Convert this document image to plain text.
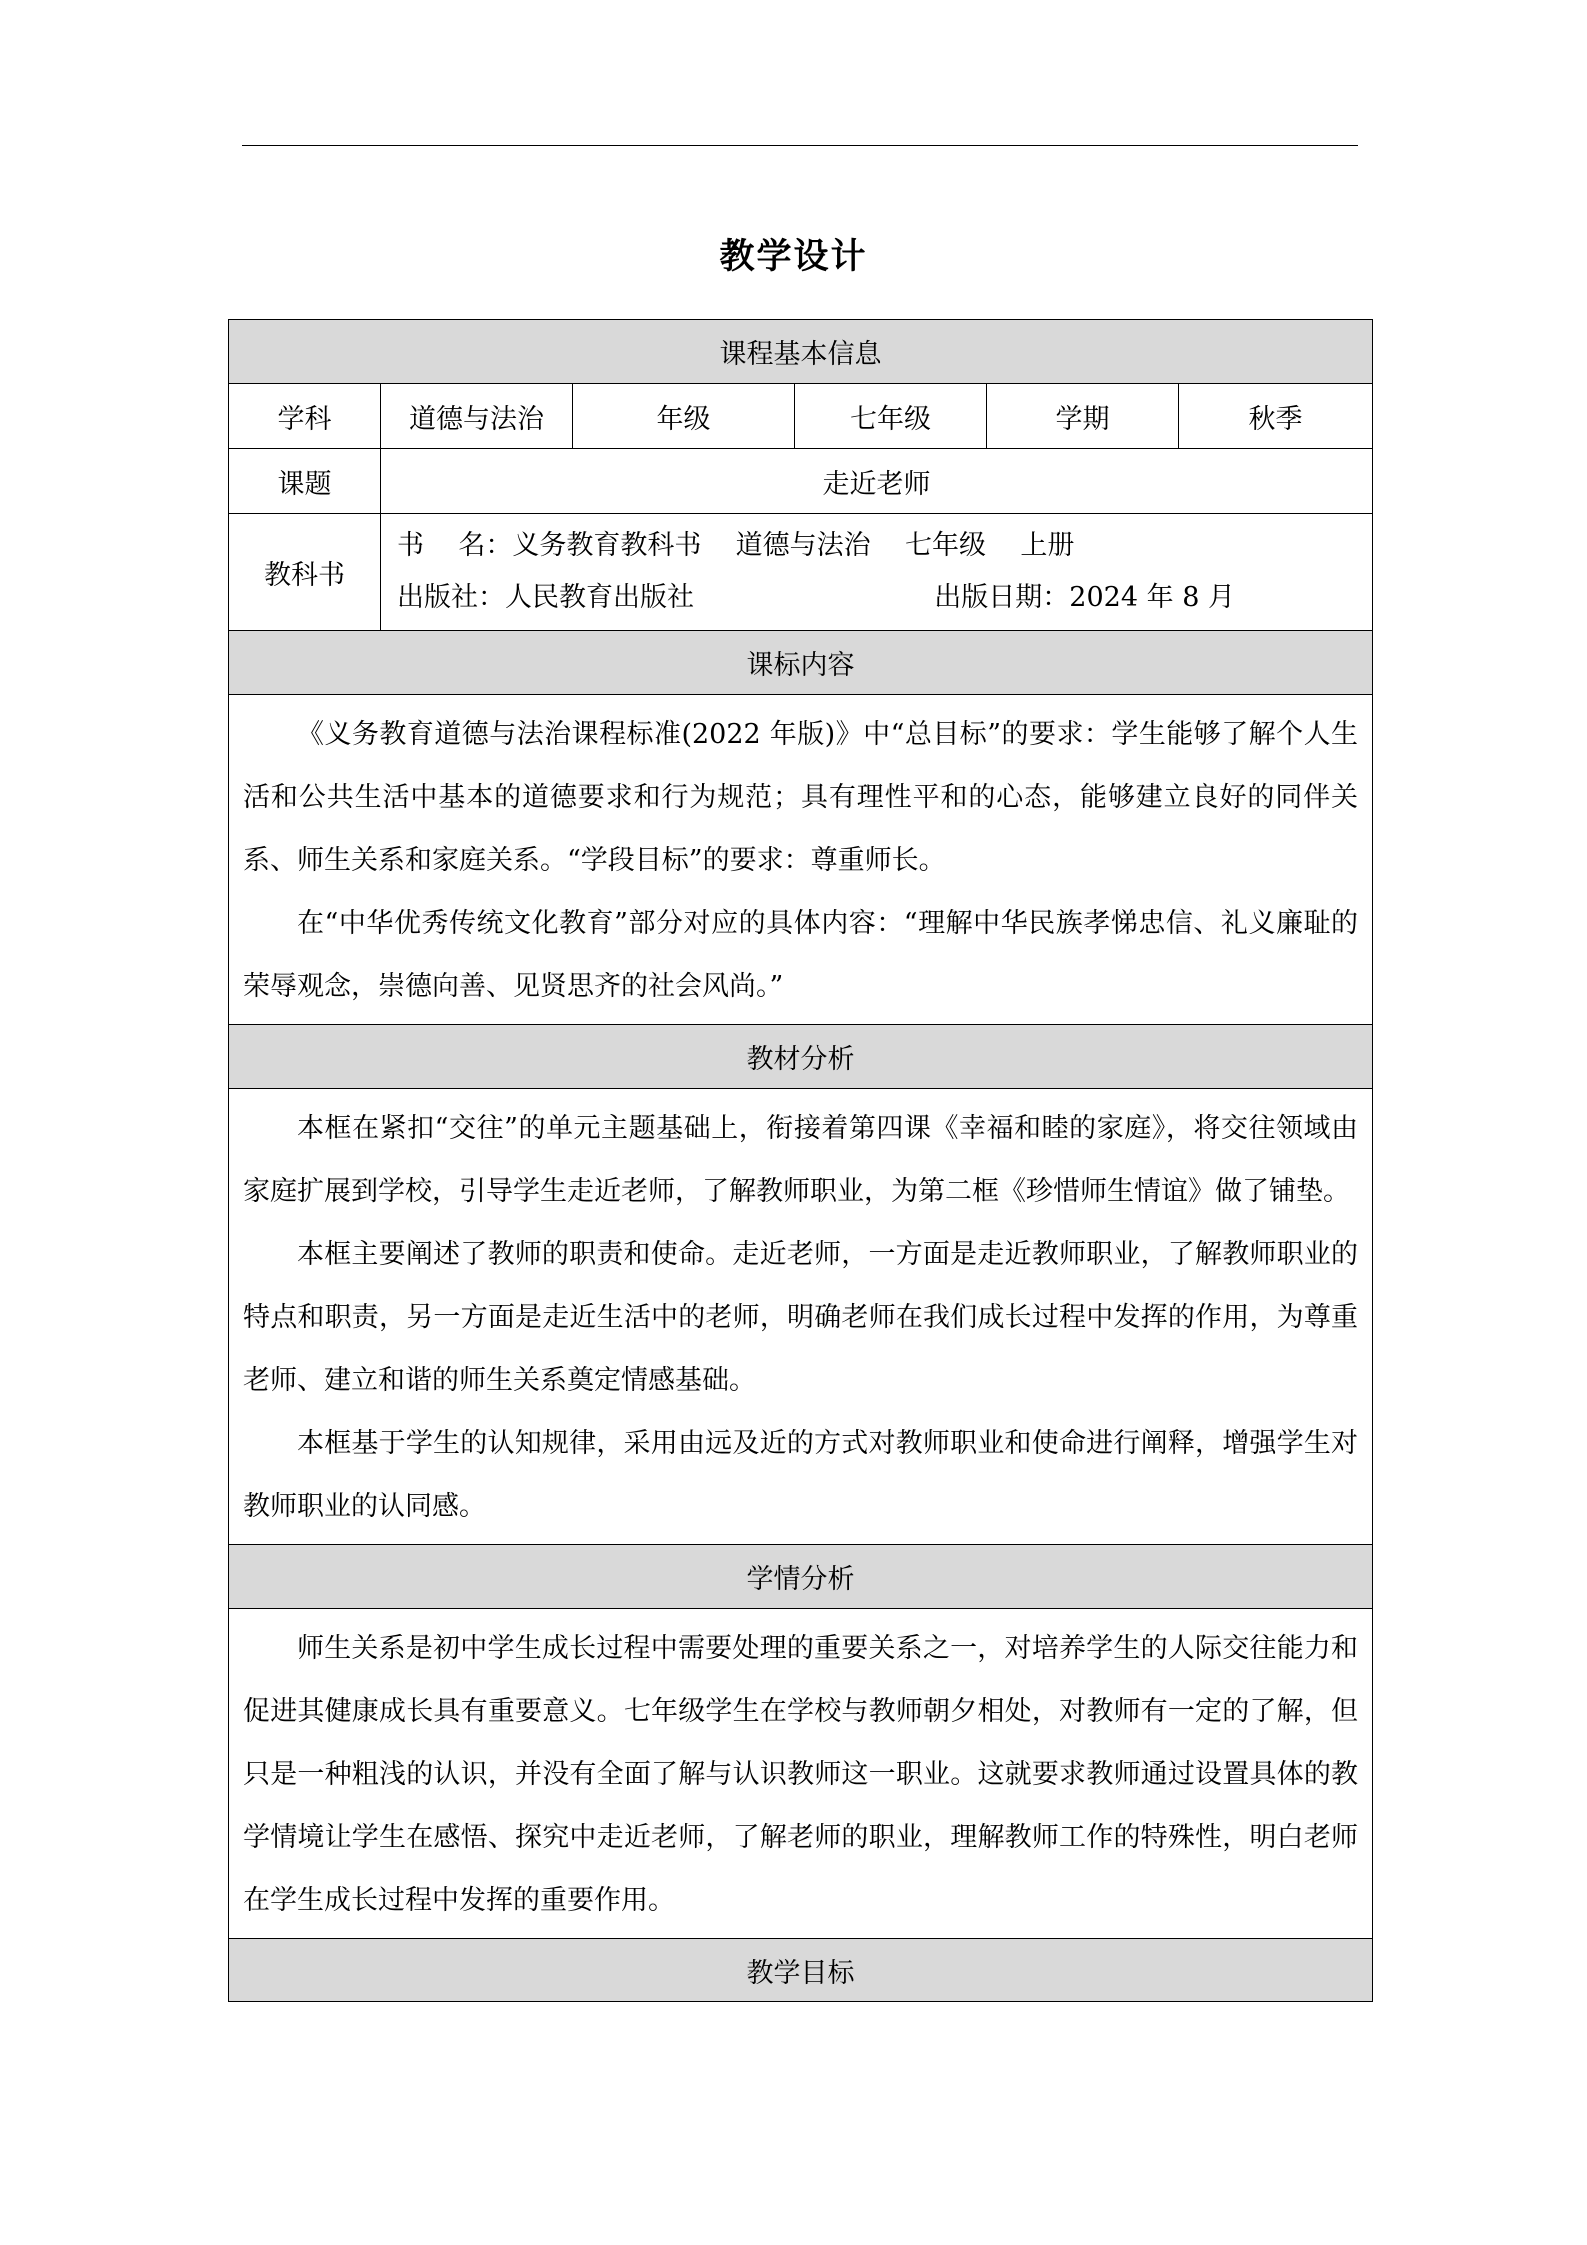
教学设计
课程基本信息					
学科	道德与法治	年级	七年级	学期	秋季
课题	走近老师				
教科书	书    名：义务教育教科书    道德与法治    七年级    上册
出版社：人民教育出版社                            出版日期：2024 年 8 月				

课标内容					

《义务教育道德与法治课程标准(2022 年版)》中“总目标”的要求：学生能够了解个人生活和公共生活中基本的道德要求和行为规范；具有理性平和的心态，能够建立良好的同伴关系、师生关系和家庭关系。“学段目标”的要求：尊重师长。

在“中华优秀传统文化教育”部分对应的具体内容：“理解中华民族孝悌忠信、礼义廉耻的荣辱观念，崇德向善、见贤思齐的社会风尚。”					

教材分析					

本框在紧扣“交往”的单元主题基础上，衔接着第四课《幸福和睦的家庭》，将交往领域由家庭扩展到学校，引导学生走近老师，了解教师职业，为第二框《珍惜师生情谊》做了铺垫。

本框主要阐述了教师的职责和使命。走近老师，一方面是走近教师职业，了解教师职业的特点和职责，另一方面是走近生活中的老师，明确老师在我们成长过程中发挥的作用，为尊重老师、建立和谐的师生关系奠定情感基础。

本框基于学生的认知规律，采用由远及近的方式对教师职业和使命进行阐释，增强学生对教师职业的认同感。					

学情分析					

师生关系是初中学生成长过程中需要处理的重要关系之一，对培养学生的人际交往能力和促进其健康成长具有重要意义。七年级学生在学校与教师朝夕相处，对教师有一定的了解，但只是一种粗浅的认识，并没有全面了解与认识教师这一职业。这就要求教师通过设置具体的教学情境让学生在感悟、探究中走近老师，了解老师的职业，理解教师工作的特殊性，明白老师在学生成长过程中发挥的重要作用。					

教学目标					
